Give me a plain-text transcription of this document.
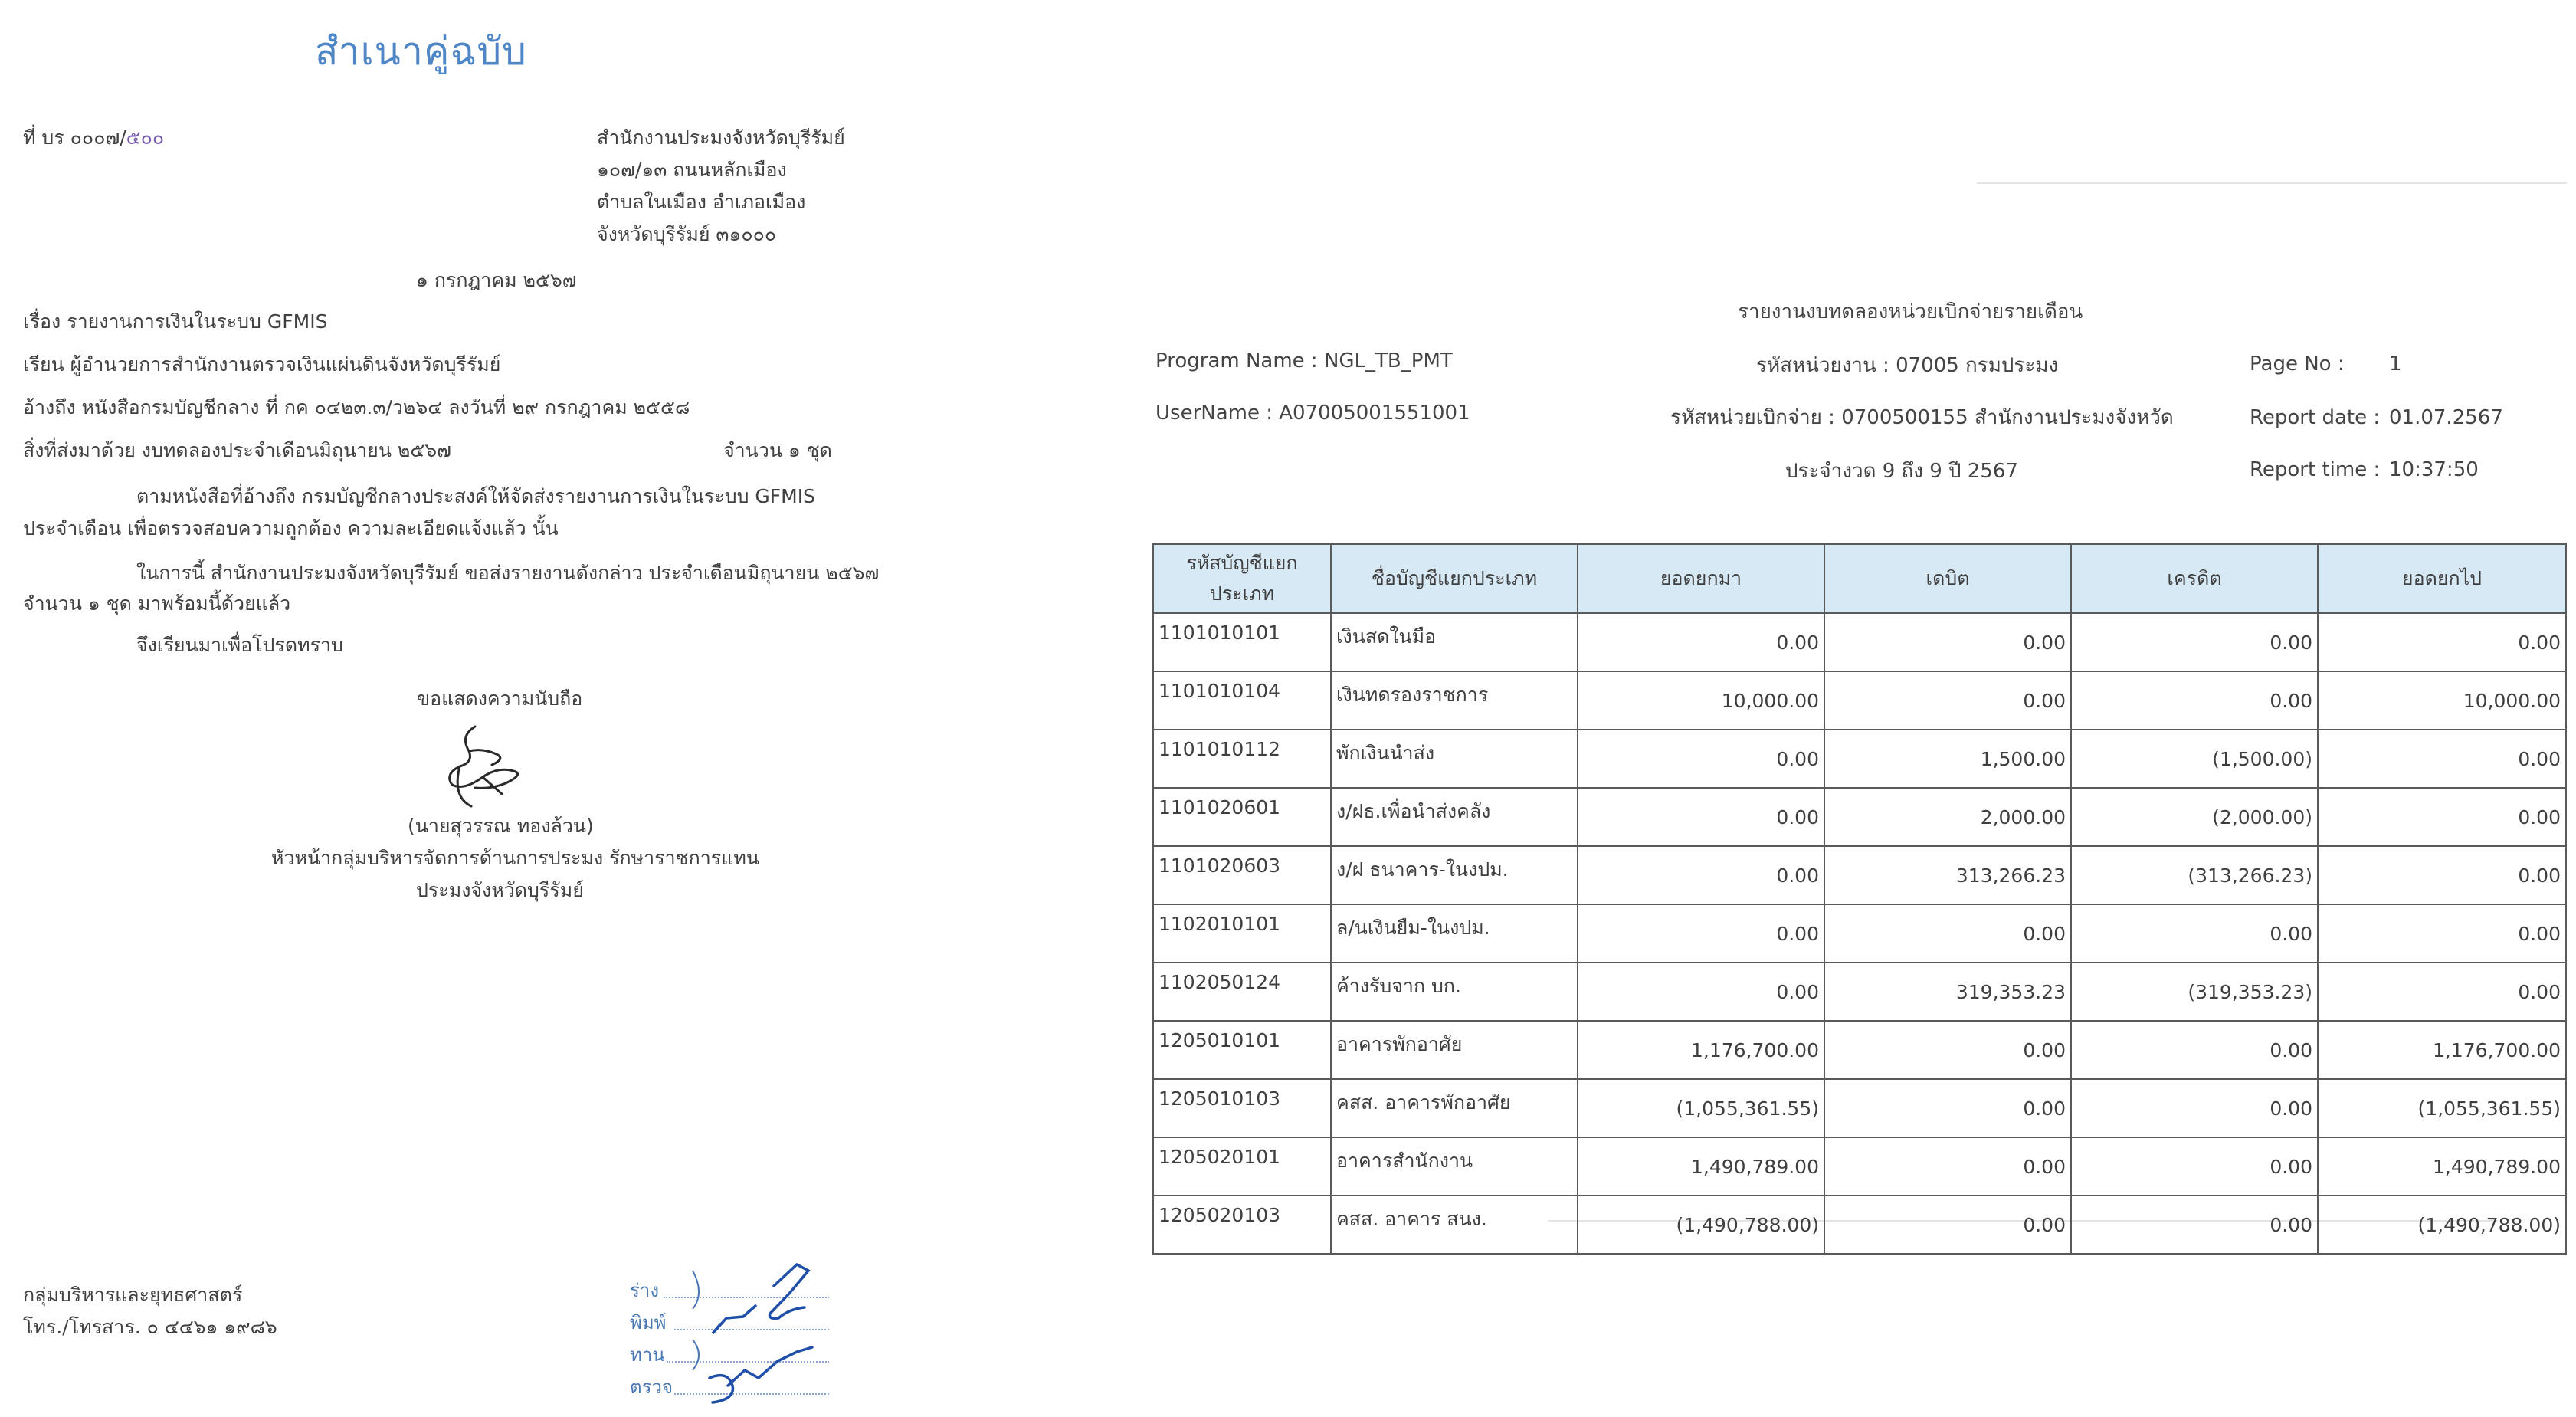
สำเนาคู่ฉบับ
ที่ บร ๐๐๐๗/๕๐๐	สำนักงานประมงจังหวัดบุรีรัมย์
๑๐๗/๑๓ ถนนหลักเมือง
ตำบลในเมือง อำเภอเมือง
จังหวัดบุรีรัมย์ ๓๑๐๐๐
๑ กรกฎาคม ๒๕๖๗
เรื่อง รายงานการเงินในระบบ GFMIS
เรียน ผู้อำนวยการสำนักงานตรวจเงินแผ่นดินจังหวัดบุรีรัมย์
อ้างถึง หนังสือกรมบัญชีกลาง ที่ กค ๐๔๒๓.๓/ว๒๖๔ ลงวันที่ ๒๙ กรกฎาคม ๒๕๕๘
สิ่งที่ส่งมาด้วย งบทดลองประจำเดือนมิถุนายน ๒๕๖๗	จำนวน ๑ ชุด
ตามหนังสือที่อ้างถึง กรมบัญชีกลางประสงค์ให้จัดส่งรายงานการเงินในระบบ GFMIS
ประจำเดือน เพื่อตรวจสอบความถูกต้อง ความละเอียดแจ้งแล้ว นั้น
ในการนี้ สำนักงานประมงจังหวัดบุรีรัมย์ ขอส่งรายงานดังกล่าว ประจำเดือนมิถุนายน ๒๕๖๗
จำนวน ๑ ชุด มาพร้อมนี้ด้วยแล้ว
จึงเรียนมาเพื่อโปรดทราบ
ขอแสดงความนับถือ
(นายสุวรรณ ทองล้วน)
หัวหน้ากลุ่มบริหารจัดการด้านการประมง รักษาราชการแทน
ประมงจังหวัดบุรีรัมย์
กลุ่มบริหารและยุทธศาสตร์
โทร./โทรสาร. ๐ ๔๔๖๑ ๑๙๘๖
ร่าง
พิมพ์
ทาน
ตรวจ
รายงานงบทดลองหน่วยเบิกจ่ายรายเดือน
Program Name : NGL_TB_PMT	รหัสหน่วยงาน : 07005 กรมประมง	Page No : 1
UserName : A07005001551001	รหัสหน่วยเบิกจ่าย : 0700500155 สำนักงานประมงจังหวัด	Report date : 01.07.2567
ประจำงวด 9 ถึง 9 ปี 2567	Report time : 10:37:50
รหัสบัญชีแยกประเภท	ชื่อบัญชีแยกประเภท	ยอดยกมา	เดบิต	เครดิต	ยอดยกไป
1101010101	เงินสดในมือ	0.00	0.00	0.00	0.00
1101010104	เงินทดรองราชการ	10,000.00	0.00	0.00	10,000.00
1101010112	พักเงินนำส่ง	0.00	1,500.00	(1,500.00)	0.00
1101020601	ง/ฝธ.เพื่อนำส่งคลัง	0.00	2,000.00	(2,000.00)	0.00
1101020603	ง/ฝ ธนาคาร-ในงปม.	0.00	313,266.23	(313,266.23)	0.00
1102010101	ล/นเงินยืม-ในงปม.	0.00	0.00	0.00	0.00
1102050124	ค้างรับจาก บก.	0.00	319,353.23	(319,353.23)	0.00
1205010101	อาคารพักอาศัย	1,176,700.00	0.00	0.00	1,176,700.00
1205010103	คสส. อาคารพักอาศัย	(1,055,361.55)	0.00	0.00	(1,055,361.55)
1205020101	อาคารสำนักงาน	1,490,789.00	0.00	0.00	1,490,789.00
1205020103	คสส. อาคาร สนง.	(1,490,788.00)	0.00	0.00	(1,490,788.00)
